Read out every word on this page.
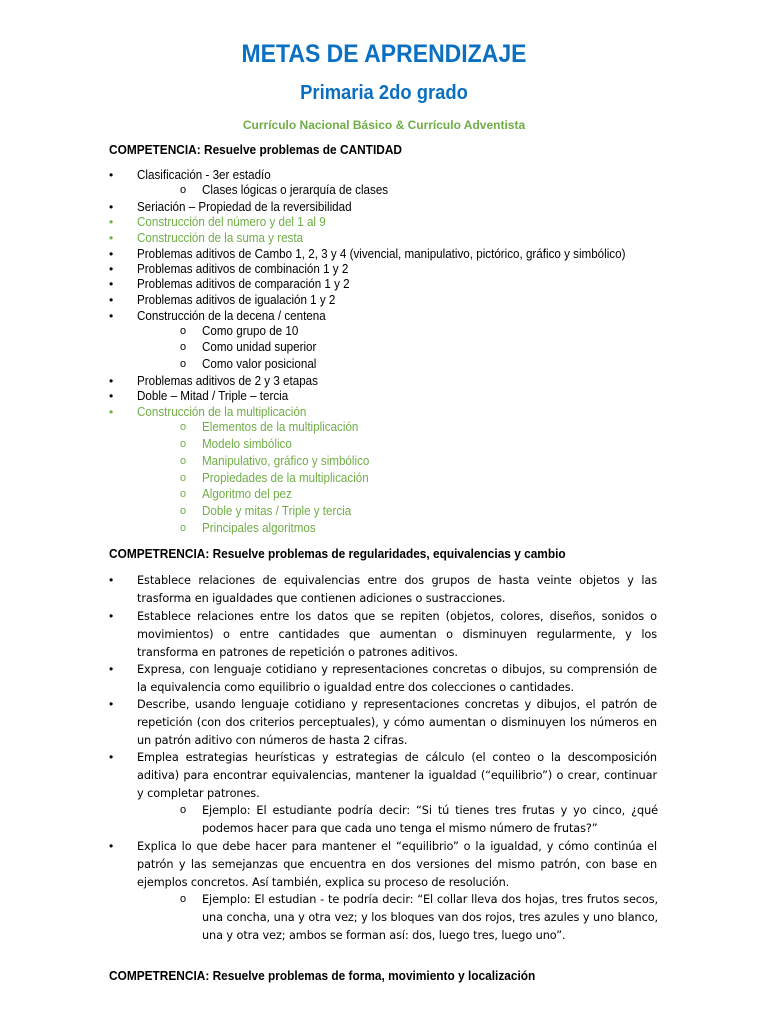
METAS DE APRENDIZAJE
Primaria 2do grado
Currículo Nacional Básico & Currículo Adventista
COMPETENCIA: Resuelve problemas de CANTIDAD
• Clasificación - 3er estadío
o Clases lógicas o jerarquía de clases
• Seriación – Propiedad de la reversibilidad
• Construcción del número y del 1 al 9
• Construcción de la suma y resta
• Problemas aditivos de Cambo 1, 2, 3 y 4 (vivencial, manipulativo, pictórico, gráfico y simbólico)
• Problemas aditivos de combinación 1 y 2
• Problemas aditivos de comparación 1 y 2
• Problemas aditivos de igualación 1 y 2
• Construcción de la decena / centena
o Como grupo de 10
o Como unidad superior
o Como valor posicional
• Problemas aditivos de 2 y 3 etapas
• Doble – Mitad / Triple – tercia
• Construcción de la multiplicación
o Elementos de la multiplicación
o Modelo simbólico
o Manipulativo, gráfico y simbólico
o Propiedades de la multiplicación
o Algoritmo del pez
o Doble y mitas / Triple y tercia
o Principales algoritmos
COMPETRENCIA: Resuelve problemas de regularidades, equivalencias y cambio
• Establece relaciones de equivalencias entre dos grupos de hasta veinte objetos y las trasforma en igualdades que contienen adiciones o sustracciones.
• Establece relaciones entre los datos que se repiten (objetos, colores, diseños, sonidos o movimientos) o entre cantidades que aumentan o disminuyen regularmente, y los transforma en patrones de repetición o patrones aditivos.
• Expresa, con lenguaje cotidiano y representaciones concretas o dibujos, su comprensión de la equivalencia como equilibrio o igualdad entre dos colecciones o cantidades.
• Describe, usando lenguaje cotidiano y representaciones concretas y dibujos, el patrón de repetición (con dos criterios perceptuales), y cómo aumentan o disminuyen los números en un patrón aditivo con números de hasta 2 cifras.
• Emplea estrategias heurísticas y estrategias de cálculo (el conteo o la descomposición aditiva) para encontrar equivalencias, mantener la igualdad (“equilibrio”) o crear, continuar y completar patrones.
o Ejemplo: El estudiante podría decir: “Si tú tienes tres frutas y yo cinco, ¿qué podemos hacer para que cada uno tenga el mismo número de frutas?”
• Explica lo que debe hacer para mantener el “equilibrio” o la igualdad, y cómo continúa el patrón y las semejanzas que encuentra en dos versiones del mismo patrón, con base en ejemplos concretos. Así también, explica su proceso de resolución.
o Ejemplo: El estudian - te podría decir: “El collar lleva dos hojas, tres frutos secos, una concha, una y otra vez; y los bloques van dos rojos, tres azules y uno blanco, una y otra vez; ambos se forman así: dos, luego tres, luego uno”.
COMPETRENCIA: Resuelve problemas de forma, movimiento y localización
